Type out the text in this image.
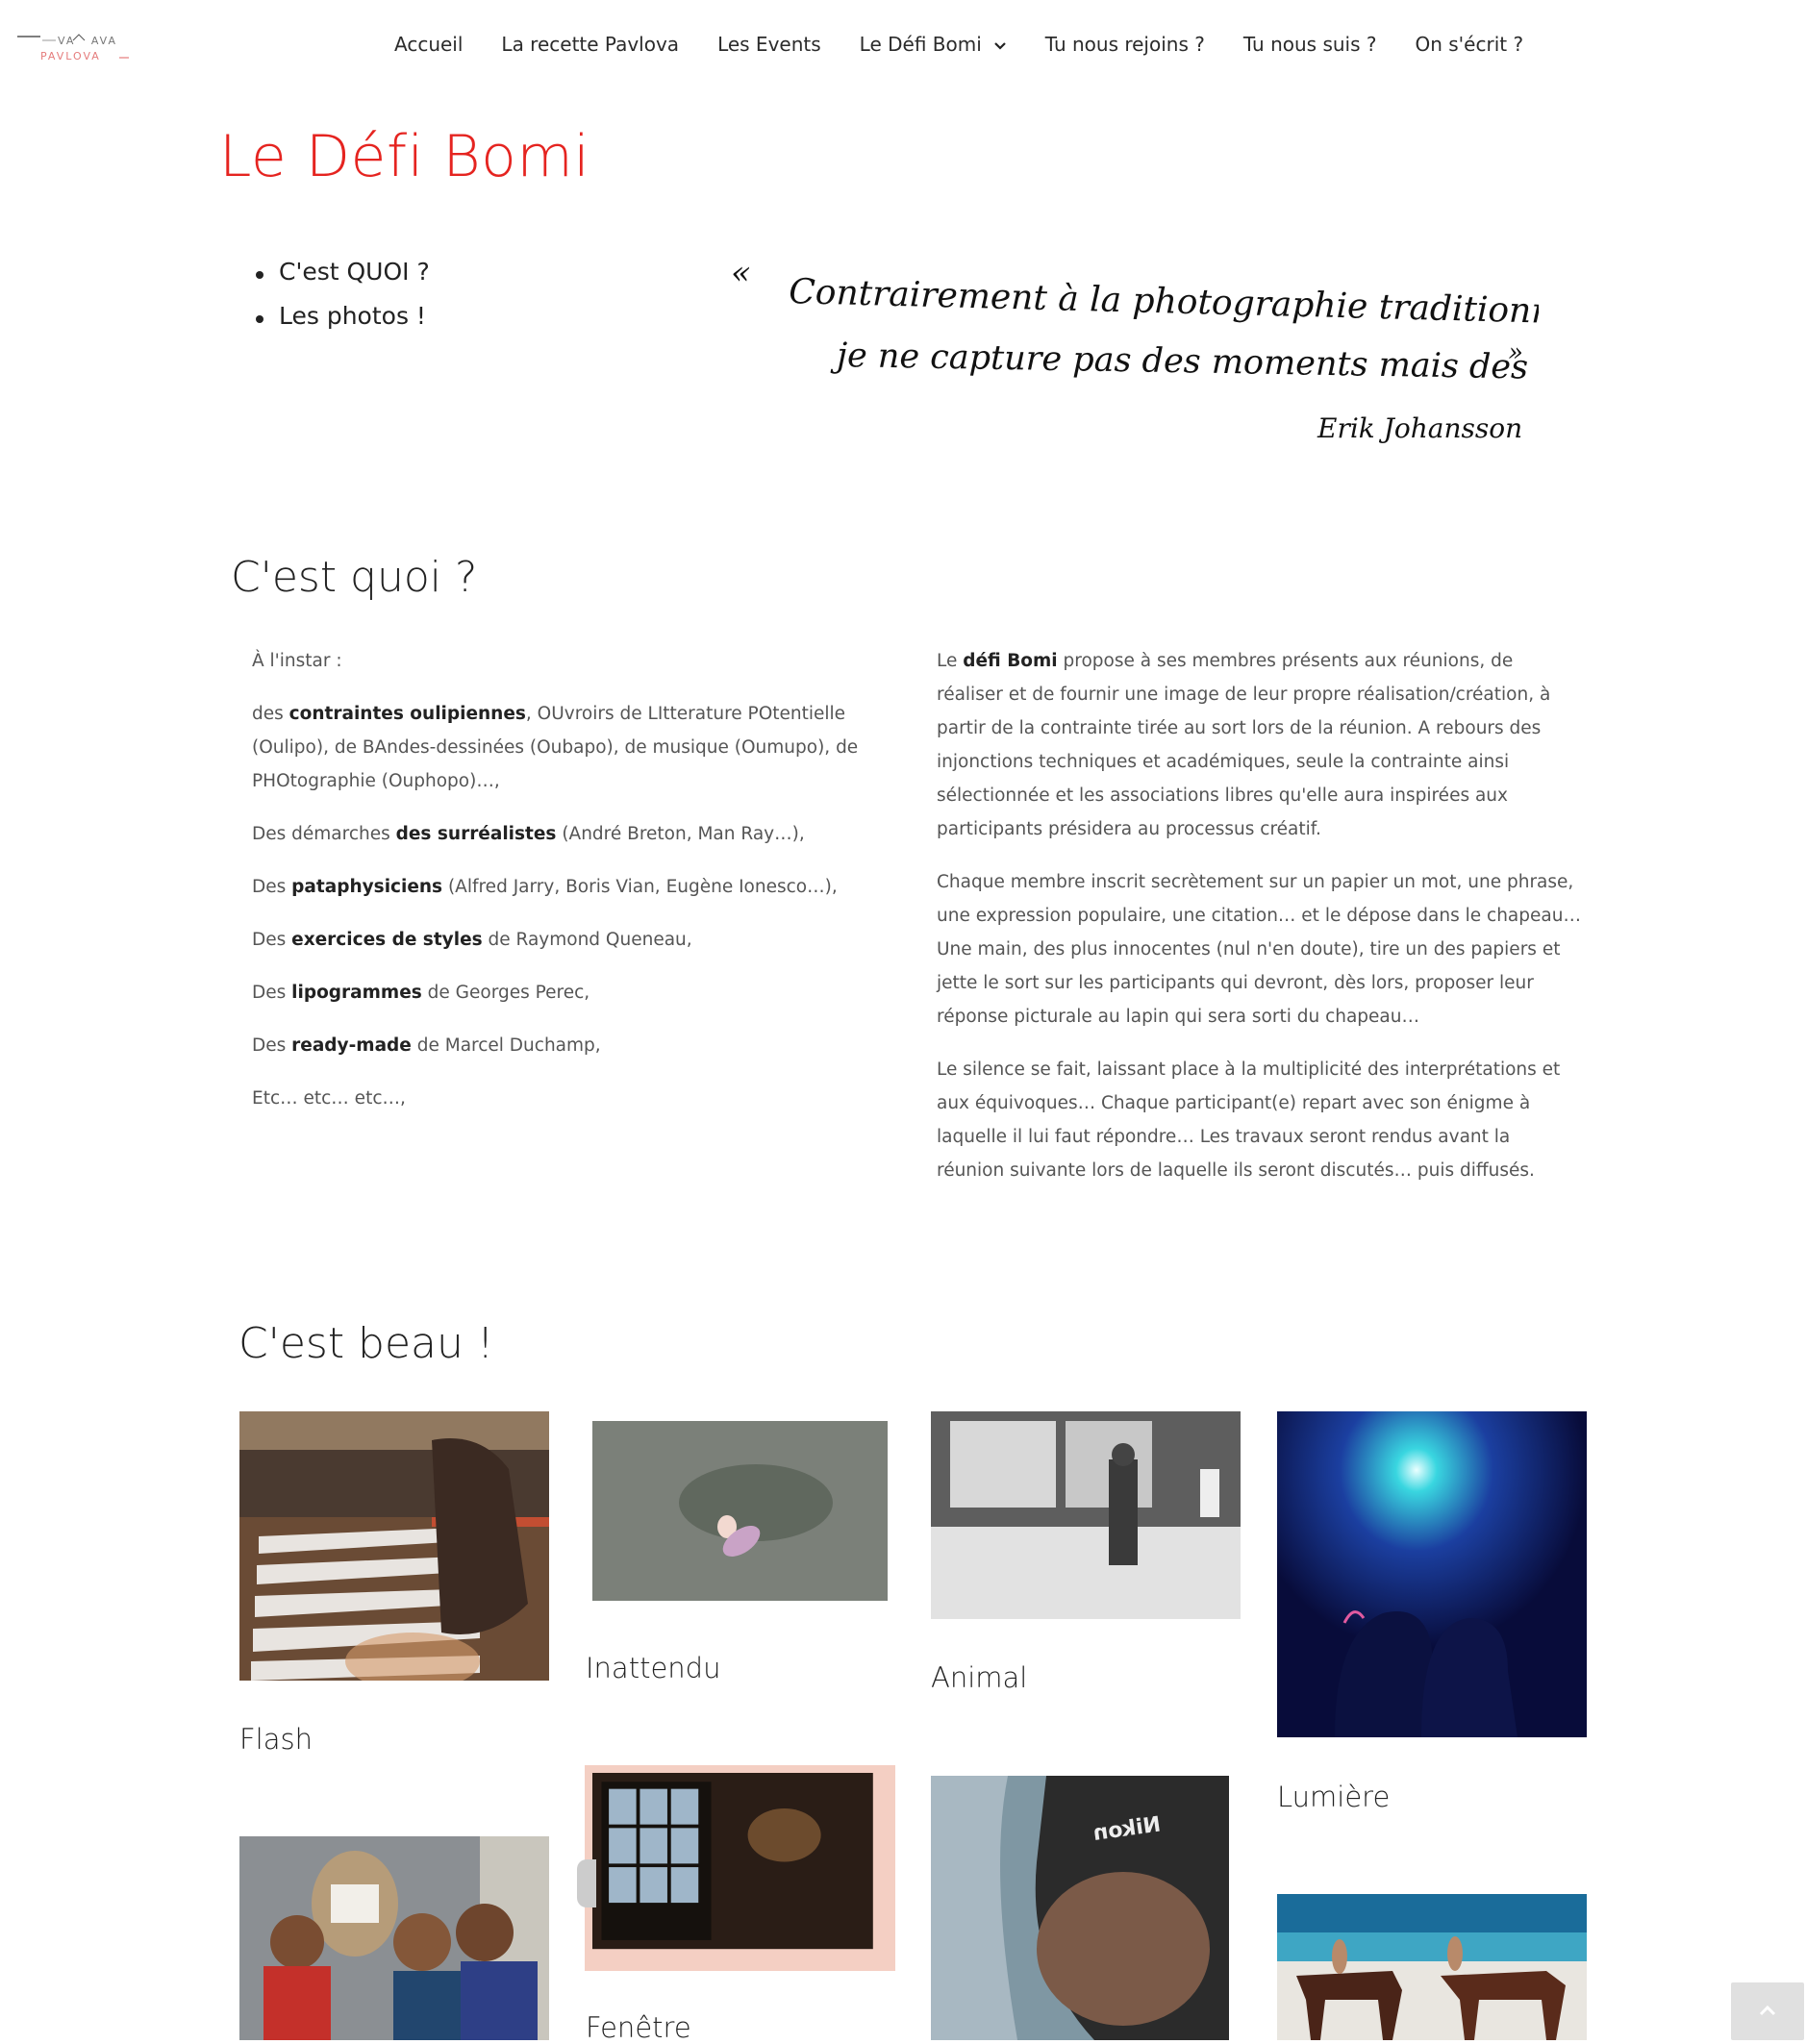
VA AVA
PAVLOVA
Accueil La recette Pavlova Les Events Le Défi Bomi	Tu nous rejoins ? Tu nous suis ? On s'écrit ?
Le Défi Bomi
C'est QUOI ?
Les photos !
« Contrairement à la photographie traditionnelle,
je ne capture pas des moments mais des
»
Erik Johansson
C'est quoi ?

À l'instar :

des contraintes oulipiennes, OUvroirs de LItterature POtentielle (Oulipo), de BAndes-dessinées (Oubapo), de musique (Oumupo), de PHOtographie (Ouphopo)…,

Des démarches des surréalistes (André Breton, Man Ray…),

Des pataphysiciens (Alfred Jarry, Boris Vian, Eugène Ionesco…),

Des exercices de styles de Raymond Queneau,

Des lipogrammes de Georges Perec,

Des ready-made de Marcel Duchamp,

Etc… etc… etc…,

Le défi Bomi propose à ses membres présents aux réunions, de réaliser et de fournir une image de leur propre réalisation/création, à partir de la contrainte tirée au sort lors de la réunion. A rebours des injonctions techniques et académiques, seule la contrainte ainsi sélectionnée et les associations libres qu'elle aura inspirées aux participants présidera au processus créatif.

Chaque membre inscrit secrètement sur un papier un mot, une phrase, une expression populaire, une citation… et le dépose dans le chapeau… Une main, des plus innocentes (nul n'en doute), tire un des papiers et jette le sort sur les participants qui devront, dès lors, proposer leur réponse picturale au lapin qui sera sorti du chapeau…

Le silence se fait, laissant place à la multiplicité des interprétations et aux équivoques… Chaque participant(e) repart avec son énigme à laquelle il lui faut répondre… Les travaux seront rendus avant la réunion suivante lors de laquelle ils seront discutés… puis diffusés.

C'est beau !
Flash
Inattendu
Fenêtre
Animal
Nikon
Lumière
